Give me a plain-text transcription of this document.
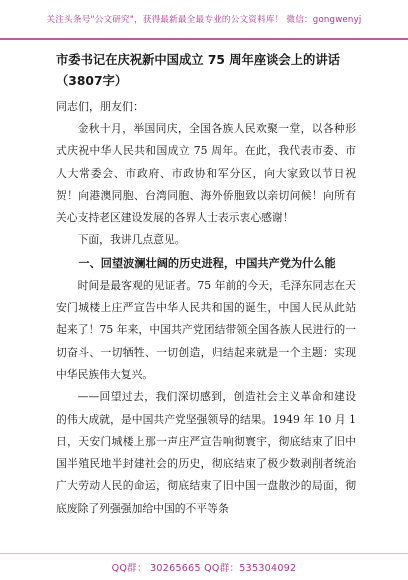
关注头条号"公文研究"，获得最新最全最专业的公文资料库！ 微信：gongwenyj

市委书记在庆祝新中国成立 75 周年座谈会上的讲话（3807字）

同志们，朋友们：

金秋十月，举国同庆，全国各族人民欢聚一堂，以各种形式庆祝中华人民共和国成立 75 周年。在此，我代表市委、市人大常委会、市政府、市政协和军分区，向大家致以节日祝贺！向港澳同胞、台湾同胞、海外侨胞致以亲切问候！向所有关心支持老区建设发展的各界人士表示衷心感谢！

下面，我讲几点意见。

一、回望波澜壮阔的历史进程，中国共产党为什么能

时间是最客观的见证者。75 年前的今天，毛泽东同志在天安门城楼上庄严宣告中华人民共和国的诞生，中国人民从此站起来了！75 年来，中国共产党团结带领全国各族人民进行的一切奋斗、一切牺牲、一切创造，归结起来就是一个主题：实现中华民族伟大复兴。

——回望过去，我们深切感到，创造社会主义革命和建设的伟大成就，是中国共产党坚强领导的结果。1949 年 10 月 1 日，天安门城楼上那一声庄严宣告响彻寰宇，彻底结束了旧中国半殖民地半封建社会的历史，彻底结束了极少数剥削者统治广大劳动人民的命运，彻底结束了旧中国一盘散沙的局面，彻底废除了列强强加给中国的不平等条

QQ群： 30265665 QQ群：535304092
